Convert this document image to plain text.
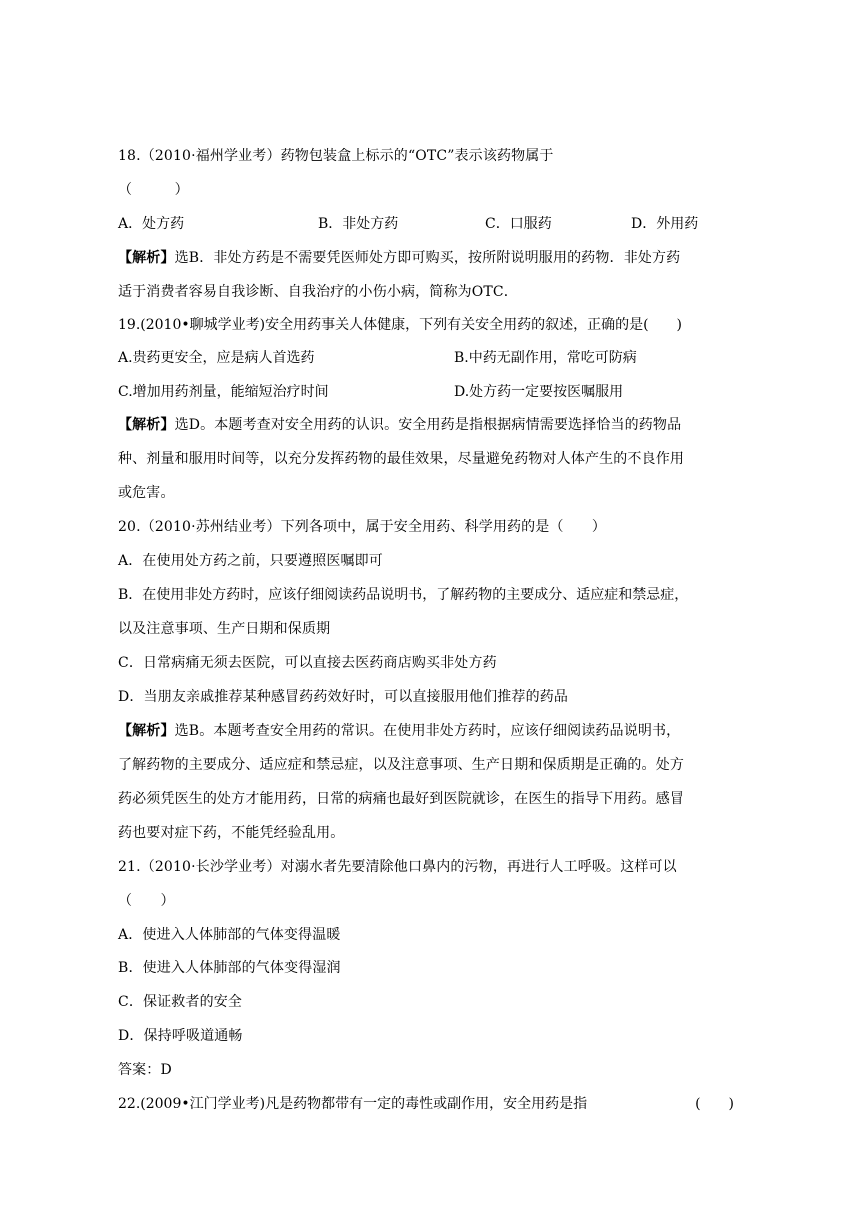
18.（2010·福州学业考）药物包装盒上标示的“OTC”表示该药物属于
（　　　）
A．处方药	B．非处方药	C．口服药	D．外用药
【解析】选B．非处方药是不需要凭医师处方即可购买，按所附说明服用的药物．非处方药
适于消费者容易自我诊断、自我治疗的小伤小病，简称为OTC．
19.(2010•聊城学业考)安全用药事关人体健康，下列有关安全用药的叙述，正确的是(　　)
A.贵药更安全，应是病人首选药	B.中药无副作用，常吃可防病
C.增加用药剂量，能缩短治疗时间	D.处方药一定要按医嘱服用
【解析】选D。本题考查对安全用药的认识。安全用药是指根据病情需要选择恰当的药物品
种、剂量和服用时间等，以充分发挥药物的最佳效果，尽量避免药物对人体产生的不良作用
或危害。
20.（2010·苏州结业考）下列各项中，属于安全用药、科学用药的是（　　）
A．在使用处方药之前，只要遵照医嘱即可
B．在使用非处方药时，应该仔细阅读药品说明书，了解药物的主要成分、适应症和禁忌症，
以及注意事项、生产日期和保质期
C．日常病痛无须去医院，可以直接去医药商店购买非处方药
D．当朋友亲戚推荐某种感冒药药效好时，可以直接服用他们推荐的药品
【解析】选B。本题考查安全用药的常识。在使用非处方药时，应该仔细阅读药品说明书，
了解药物的主要成分、适应症和禁忌症，以及注意事项、生产日期和保质期是正确的。处方
药必须凭医生的处方才能用药，日常的病痛也最好到医院就诊，在医生的指导下用药。感冒
药也要对症下药，不能凭经验乱用。
21.（2010·长沙学业考）对溺水者先要清除他口鼻内的污物，再进行人工呼吸。这样可以
（　　）
A．使进入人体肺部的气体变得温暖
B．使进入人体肺部的气体变得湿润
C．保证救者的安全
D．保持呼吸道通畅
答案：D
22.(2009•江门学业考)凡是药物都带有一定的毒性或副作用，安全用药是指	(　　)
